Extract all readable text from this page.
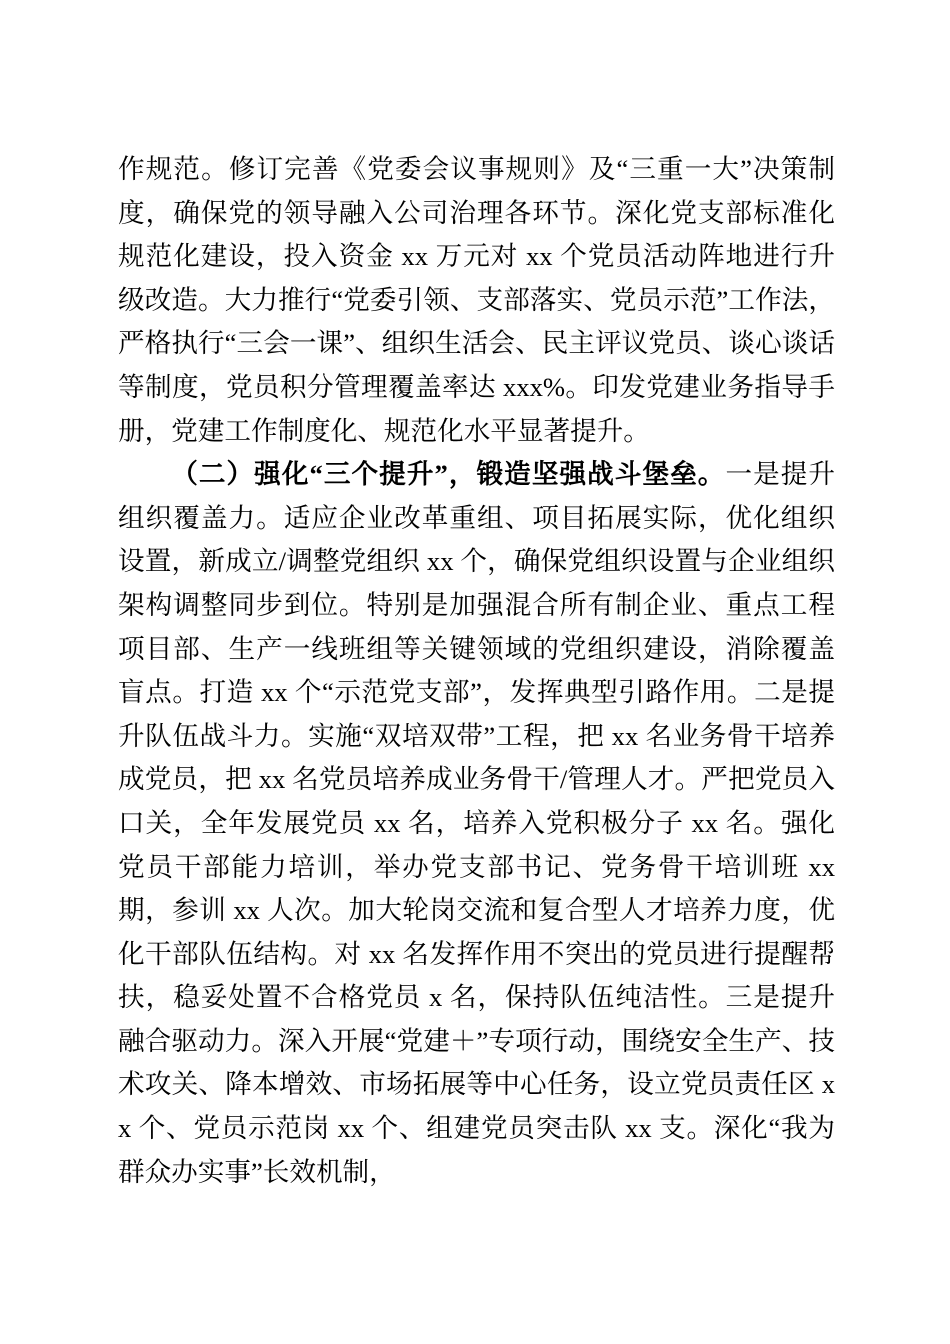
作规范。修订完善《党委会议事规则》及“三重一大”决策制度，确保党的领导融入公司治理各环节。深化党支部标准化规范化建设，投入资金 xx 万元对 xx 个党员活动阵地进行升级改造。大力推行“党委引领、支部落实、党员示范”工作法，严格执行“三会一课”、组织生活会、民主评议党员、谈心谈话等制度，党员积分管理覆盖率达 xxx%。印发党建业务指导手册，党建工作制度化、规范化水平显著提升。

（二）强化“三个提升”，锻造坚强战斗堡垒。一是提升组织覆盖力。适应企业改革重组、项目拓展实际，优化组织设置，新成立/调整党组织 xx 个，确保党组织设置与企业组织架构调整同步到位。特别是加强混合所有制企业、重点工程项目部、生产一线班组等关键领域的党组织建设，消除覆盖盲点。打造 xx 个“示范党支部”，发挥典型引路作用。二是提升队伍战斗力。实施“双培双带”工程，把 xx 名业务骨干培养成党员，把 xx 名党员培养成业务骨干/管理人才。严把党员入口关，全年发展党员 xx 名，培养入党积极分子 xx 名。强化党员干部能力培训，举办党支部书记、党务骨干培训班 xx 期，参训 xx 人次。加大轮岗交流和复合型人才培养力度，优化干部队伍结构。对 xx 名发挥作用不突出的党员进行提醒帮扶，稳妥处置不合格党员 x 名，保持队伍纯洁性。三是提升融合驱动力。深入开展“党建＋”专项行动，围绕安全生产、技术攻关、降本增效、市场拓展等中心任务，设立党员责任区 xx 个、党员示范岗 xx 个、组建党员突击队 xx 支。深化“我为群众办实事”长效机制，
